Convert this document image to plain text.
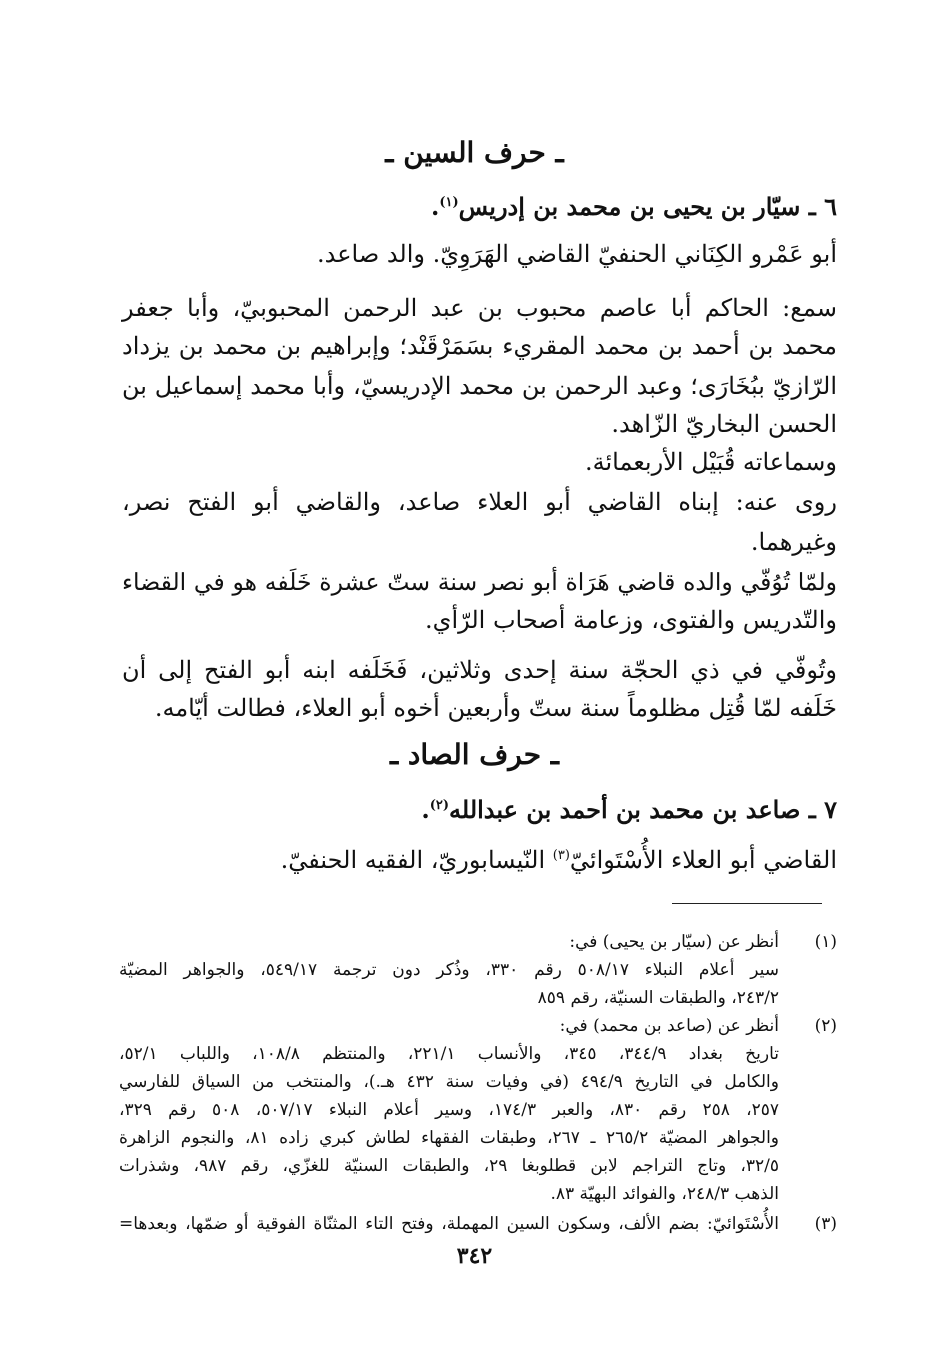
ـ حرف السين ـ
٦ ـ سيّار بن يحيى بن محمد بن إدريس$^{(١)}$.
أبو عَمْرو الكِنَاني الحنفيّ القاضي الهَرَوِيّ. والد صاعد.
سمع: الحاكم أبا عاصم محبوب بن عبد الرحمن المحبوبيّ، وأبا جعفر
محمد بن أحمد بن محمد المقريء بسَمَرْقَنْد؛ وإبراهيم بن محمد بن يزداد
الرّازيّ ببُخَارَى؛ وعبد الرحمن بن محمد الإدريسيّ، وأبا محمد إسماعيل بن
الحسن البخاريّ الزّاهد.
وسماعاته قُبَيْل الأربعمائة.
روى عنه: إبناه القاضي أبو العلاء صاعد، والقاضي أبو الفتح نصر،
وغيرهما.
ولمّا تُوُفّي والده قاضي هَرَاة أبو نصر سنة ستّ عشرة خَلَفه هو في القضاء
والتّدريس والفتوى، وزعامة أصحاب الرّأي.
وتُوفّي في ذي الحجّة سنة إحدى وثلاثين، فَخَلَفه ابنه أبو الفتح إلى أن
خَلَفه لمّا قُتِل مظلوماً سنة ستّ وأربعين أخوه أبو العلاء، فطالت أيّامه.
ـ حرف الصاد ـ
٧ ـ صاعد بن محمد بن أحمد بن عبدالله$^{(٢)}$.
القاضي أبو العلاء الأُسْتَوائيّ$^{(٣)}$ النّيسابوريّ، الفقيه الحنفيّ.
(١)
أنظر عن (سيّار بن يحيى) في:
سير أعلام النبلاء ٥٠٨/١٧ رقم ٣٣٠، وذُكر دون ترجمة ٥٤٩/١٧، والجواهر المضيّة
٢٤٣/٢، والطبقات السنيّة، رقم ٨٥٩
(٢)
أنظر عن (صاعد بن محمد) في:
تاريخ بغداد ٣٤٤/٩، ٣٤٥، والأنساب ٢٢١/١، والمنتظم ١٠٨/٨، واللباب ٥٢/١،
والكامل في التاريخ ٤٩٤/٩ (في وفيات سنة ٤٣٢ هـ.)، والمنتخب من السياق للفارسي
٢٥٧، ٢٥٨ رقم ٨٣٠، والعبر ١٧٤/٣، وسير أعلام النبلاء ٥٠٧/١٧، ٥٠٨ رقم ٣٢٩،
والجواهر المضيّة ٢٦٥/٢ ـ ٢٦٧، وطبقات الفقهاء لطاش كبري زاده ٨١، والنجوم الزاهرة
٣٢/٥، وتاج التراجم لابن قطلوبغا ٢٩، والطبقات السنيّة للغزّي، رقم ٩٨٧، وشذرات
الذهب ٢٤٨/٣، والفوائد البهيّة ٨٣.
(٣)
الأُسْتَوائيّ: بضم الألف، وسكون السين المهملة، وفتح التاء المثنّاة الفوقية أو ضمّها، وبعدها=
٣٤٢
